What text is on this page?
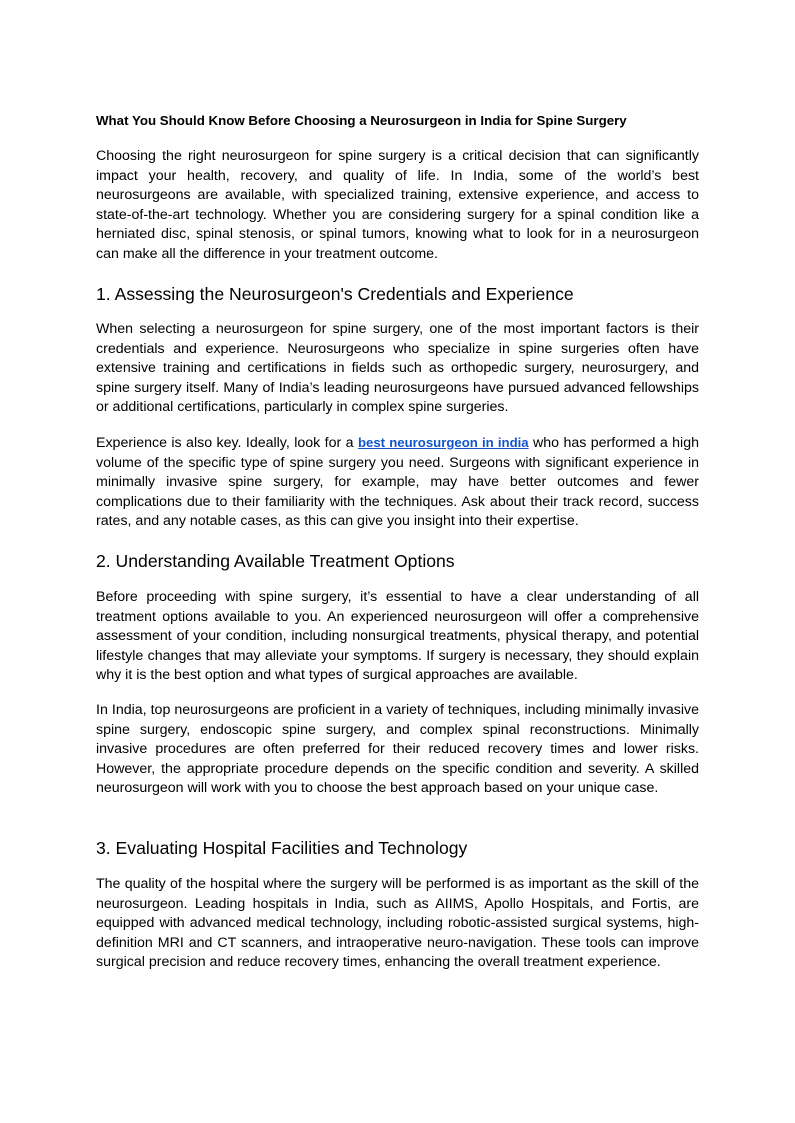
What You Should Know Before Choosing a Neurosurgeon in India for Spine Surgery

Choosing the right neurosurgeon for spine surgery is a critical decision that can significantly impact your health, recovery, and quality of life. In India, some of the world’s best neurosurgeons are available, with specialized training, extensive experience, and access to state-of-the-art technology. Whether you are considering surgery for a spinal condition like a herniated disc, spinal stenosis, or spinal tumors, knowing what to look for in a neurosurgeon can make all the difference in your treatment outcome.

1. Assessing the Neurosurgeon's Credentials and Experience

When selecting a neurosurgeon for spine surgery, one of the most important factors is their credentials and experience. Neurosurgeons who specialize in spine surgeries often have extensive training and certifications in fields such as orthopedic surgery, neurosurgery, and spine surgery itself. Many of India’s leading neurosurgeons have pursued advanced fellowships or additional certifications, particularly in complex spine surgeries.

Experience is also key. Ideally, look for a best neurosurgeon in india who has performed a high volume of the specific type of spine surgery you need. Surgeons with significant experience in minimally invasive spine surgery, for example, may have better outcomes and fewer complications due to their familiarity with the techniques. Ask about their track record, success rates, and any notable cases, as this can give you insight into their expertise.

2. Understanding Available Treatment Options

Before proceeding with spine surgery, it’s essential to have a clear understanding of all treatment options available to you. An experienced neurosurgeon will offer a comprehensive assessment of your condition, including nonsurgical treatments, physical therapy, and potential lifestyle changes that may alleviate your symptoms. If surgery is necessary, they should explain why it is the best option and what types of surgical approaches are available.

In India, top neurosurgeons are proficient in a variety of techniques, including minimally invasive spine surgery, endoscopic spine surgery, and complex spinal reconstructions. Minimally invasive procedures are often preferred for their reduced recovery times and lower risks. However, the appropriate procedure depends on the specific condition and severity. A skilled neurosurgeon will work with you to choose the best approach based on your unique case.

3. Evaluating Hospital Facilities and Technology

The quality of the hospital where the surgery will be performed is as important as the skill of the neurosurgeon. Leading hospitals in India, such as AIIMS, Apollo Hospitals, and Fortis, are equipped with advanced medical technology, including robotic-assisted surgical systems, high-definition MRI and CT scanners, and intraoperative neuro-navigation. These tools can improve surgical precision and reduce recovery times, enhancing the overall treatment experience.
